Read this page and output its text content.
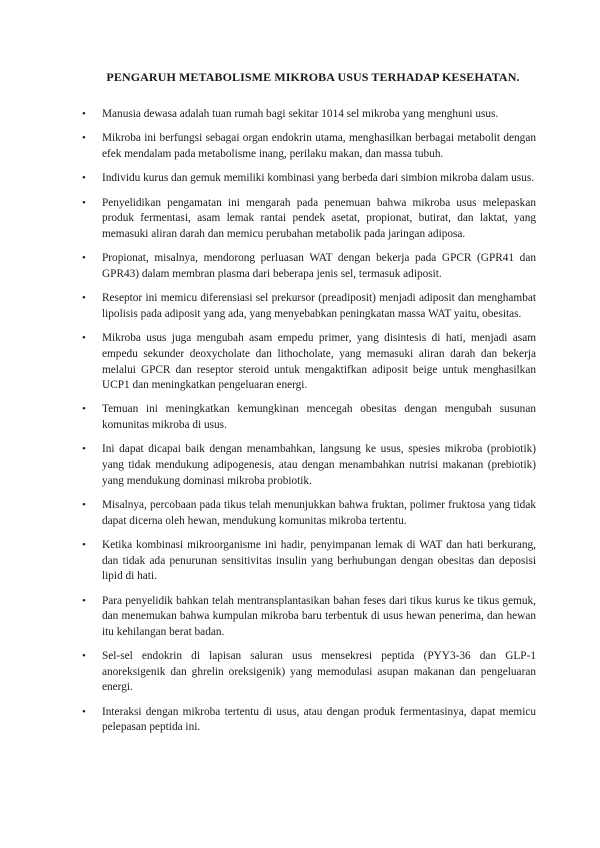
PENGARUH METABOLISME MIKROBA USUS TERHADAP KESEHATAN.
• Manusia dewasa adalah tuan rumah bagi sekitar 1014 sel mikroba yang menghuni usus.
• Mikroba ini berfungsi sebagai organ endokrin utama, menghasilkan berbagai metabolit dengan efek mendalam pada metabolisme inang, perilaku makan, dan massa tubuh.
• Individu kurus dan gemuk memiliki kombinasi yang berbeda dari simbion mikroba dalam usus.
• Penyelidikan pengamatan ini mengarah pada penemuan bahwa mikroba usus melepaskan produk fermentasi, asam lemak rantai pendek asetat, propionat, butirat, dan laktat, yang memasuki aliran darah dan memicu perubahan metabolik pada jaringan adiposa.
• Propionat, misalnya, mendorong perluasan WAT dengan bekerja pada GPCR (GPR41 dan GPR43) dalam membran plasma dari beberapa jenis sel, termasuk adiposit.
• Reseptor ini memicu diferensiasi sel prekursor (preadiposit) menjadi adiposit dan menghambat lipolisis pada adiposit yang ada, yang menyebabkan peningkatan massa WAT yaitu, obesitas.
• Mikroba usus juga mengubah asam empedu primer, yang disintesis di hati, menjadi asam empedu sekunder deoxycholate dan lithocholate, yang memasuki aliran darah dan bekerja melalui GPCR dan reseptor steroid untuk mengaktifkan adiposit beige untuk menghasilkan UCP1 dan meningkatkan pengeluaran energi.
• Temuan ini meningkatkan kemungkinan mencegah obesitas dengan mengubah susunan komunitas mikroba di usus.
• Ini dapat dicapai baik dengan menambahkan, langsung ke usus, spesies mikroba (probiotik) yang tidak mendukung adipogenesis, atau dengan menambahkan nutrisi makanan (prebiotik) yang mendukung dominasi mikroba probiotik.
• Misalnya, percobaan pada tikus telah menunjukkan bahwa fruktan, polimer fruktosa yang tidak dapat dicerna oleh hewan, mendukung komunitas mikroba tertentu.
• Ketika kombinasi mikroorganisme ini hadir, penyimpanan lemak di WAT dan hati berkurang, dan tidak ada penurunan sensitivitas insulin yang berhubungan dengan obesitas dan deposisi lipid di hati.
• Para penyelidik bahkan telah mentransplantasikan bahan feses dari tikus kurus ke tikus gemuk, dan menemukan bahwa kumpulan mikroba baru terbentuk di usus hewan penerima, dan hewan itu kehilangan berat badan.
• Sel-sel endokrin di lapisan saluran usus mensekresi peptida (PYY3-36 dan GLP-1 anoreksigenik dan ghrelin oreksigenik) yang memodulasi asupan makanan dan pengeluaran energi.
• Interaksi dengan mikroba tertentu di usus, atau dengan produk fermentasinya, dapat memicu pelepasan peptida ini.
